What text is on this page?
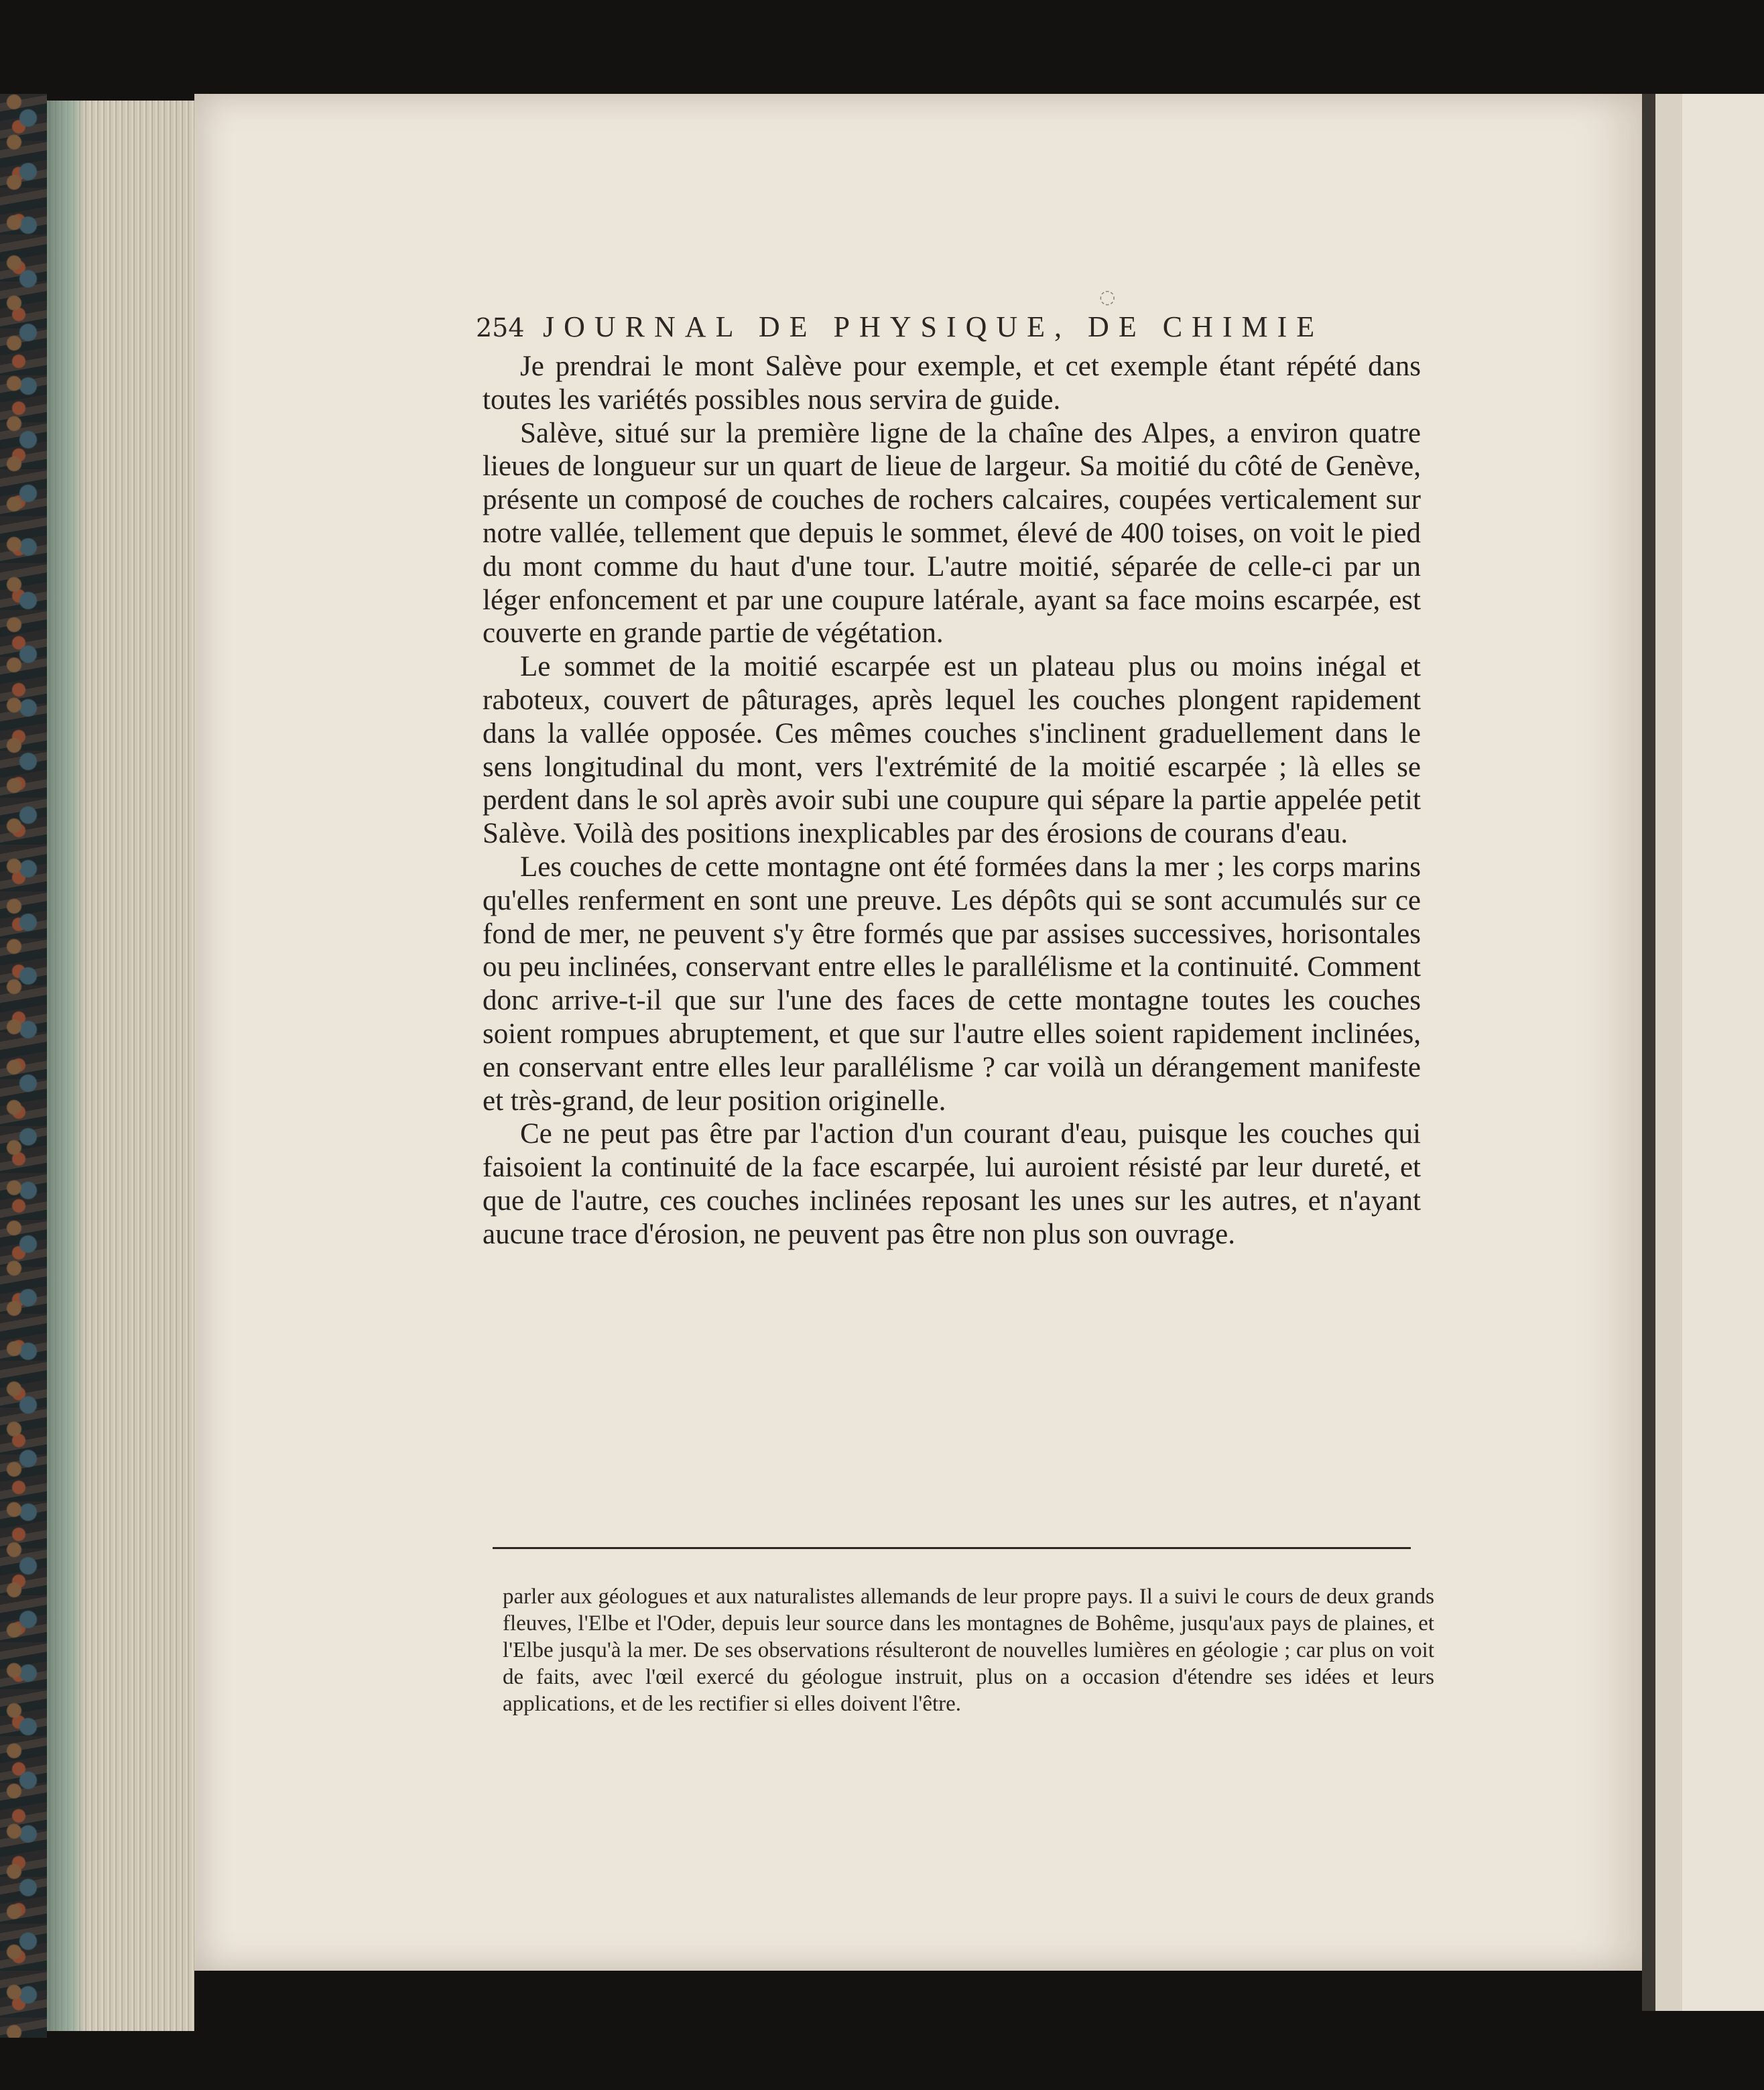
◌
254 JOURNAL DE PHYSIQUE, DE CHIMIE

Je prendrai le mont Salève pour exemple, et cet exemple étant répété dans toutes les variétés possibles nous servira de guide.

Salève, situé sur la première ligne de la chaîne des Alpes, a environ quatre lieues de longueur sur un quart de lieue de largeur. Sa moitié du côté de Genève, présente un composé de couches de rochers calcaires, coupées verticalement sur notre vallée, tellement que depuis le sommet, élevé de 400 toises, on voit le pied du mont comme du haut d'une tour. L'autre moitié, séparée de celle-ci par un léger enfoncement et par une coupure latérale, ayant sa face moins escarpée, est couverte en grande partie de végétation.

Le sommet de la moitié escarpée est un plateau plus ou moins inégal et raboteux, couvert de pâturages, après lequel les couches plongent rapidement dans la vallée opposée. Ces mêmes couches s'inclinent graduellement dans le sens longitudinal du mont, vers l'extrémité de la moitié escarpée ; là elles se perdent dans le sol après avoir subi une coupure qui sépare la partie appelée petit Salève. Voilà des positions inexplicables par des érosions de courans d'eau.

Les couches de cette montagne ont été formées dans la mer ; les corps marins qu'elles renferment en sont une preuve. Les dépôts qui se sont accumulés sur ce fond de mer, ne peuvent s'y être formés que par assises successives, horisontales ou peu inclinées, conservant entre elles le parallélisme et la continuité. Comment donc arrive-t-il que sur l'une des faces de cette montagne toutes les couches soient rompues abruptement, et que sur l'autre elles soient rapidement inclinées, en conservant entre elles leur parallélisme ? car voilà un dérangement manifeste et très-grand, de leur position originelle.

Ce ne peut pas être par l'action d'un courant d'eau, puisque les couches qui faisoient la continuité de la face escarpée, lui auroient résisté par leur dureté, et que de l'autre, ces couches inclinées reposant les unes sur les autres, et n'ayant aucune trace d'érosion, ne peuvent pas être non plus son ouvrage.

parler aux géologues et aux naturalistes allemands de leur propre pays. Il a suivi le cours de deux grands fleuves, l'Elbe et l'Oder, depuis leur source dans les montagnes de Bohême, jusqu'aux pays de plaines, et l'Elbe jusqu'à la mer. De ses observations résulteront de nouvelles lumières en géologie ; car plus on voit de faits, avec l'œil exercé du géologue instruit, plus on a occasion d'étendre ses idées et leurs applications, et de les rectifier si elles doivent l'être.
